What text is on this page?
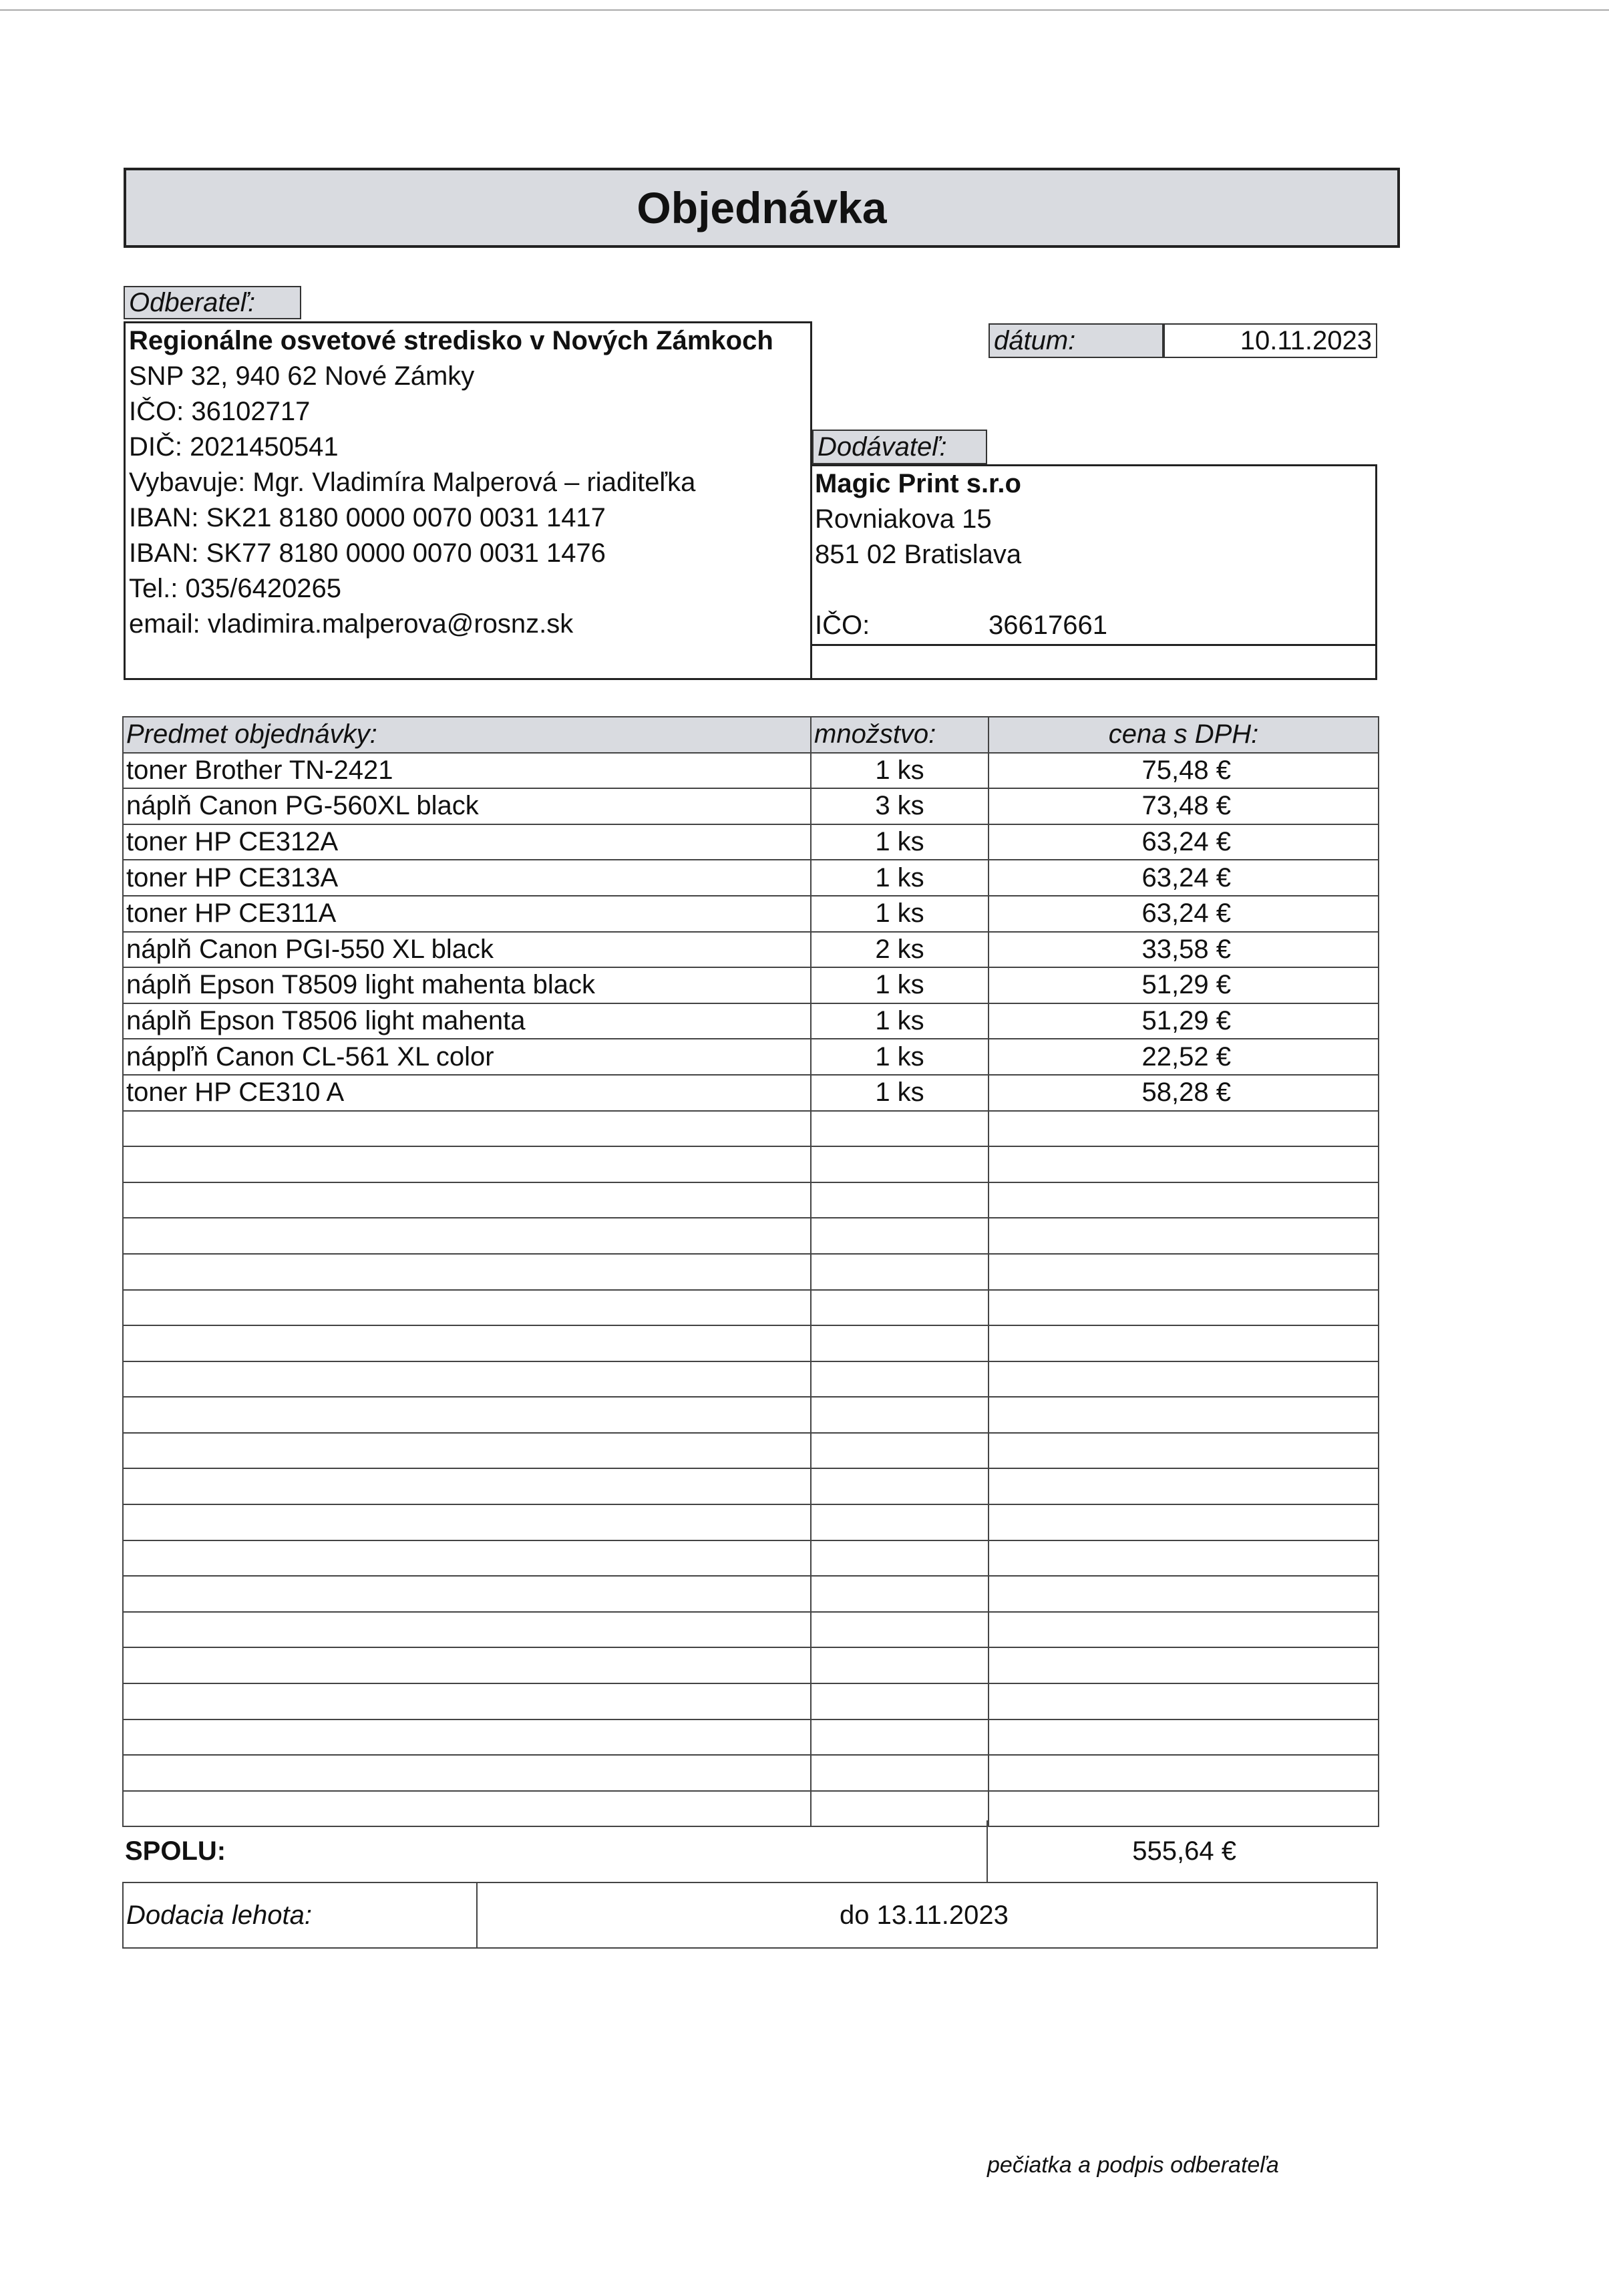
Objednávka
Odberateľ:
Regionálne osvetové stredisko v Nových Zámkoch
SNP 32, 940 62 Nové Zámky
IČO: 36102717
DIČ: 2021450541
Vybavuje: Mgr. Vladimíra Malperová – riaditeľka
IBAN: SK21 8180 0000 0070 0031 1417
IBAN: SK77 8180 0000 0070 0031 1476
Tel.: 035/6420265
email: vladimira.malperova@rosnz.sk
dátum:	10.11.2023
Dodávateľ:
Magic Print s.r.o
Rovniakova 15
851 02 Bratislava
IČO:	36617661
Predmet objednávky:	množstvo:	cena s DPH:
toner Brother TN-2421	1 ks	75,48 €
náplň Canon PG-560XL black	3 ks	73,48 €
toner HP CE312A	1 ks	63,24 €
toner HP CE313A	1 ks	63,24 €
toner HP CE311A	1 ks	63,24 €
náplň Canon PGI-550 XL black	2 ks	33,58 €
náplň Epson T8509 light mahenta black	1 ks	51,29 €
náplň Epson T8506 light mahenta	1 ks	51,29 €
náppľň Canon CL-561 XL color	1 ks	22,52 €
toner HP CE310 A	1 ks	58,28 €

SPOLU:	555,64 €
Dodacia lehota:	do 13.11.2023
pečiatka a podpis odberateľa
